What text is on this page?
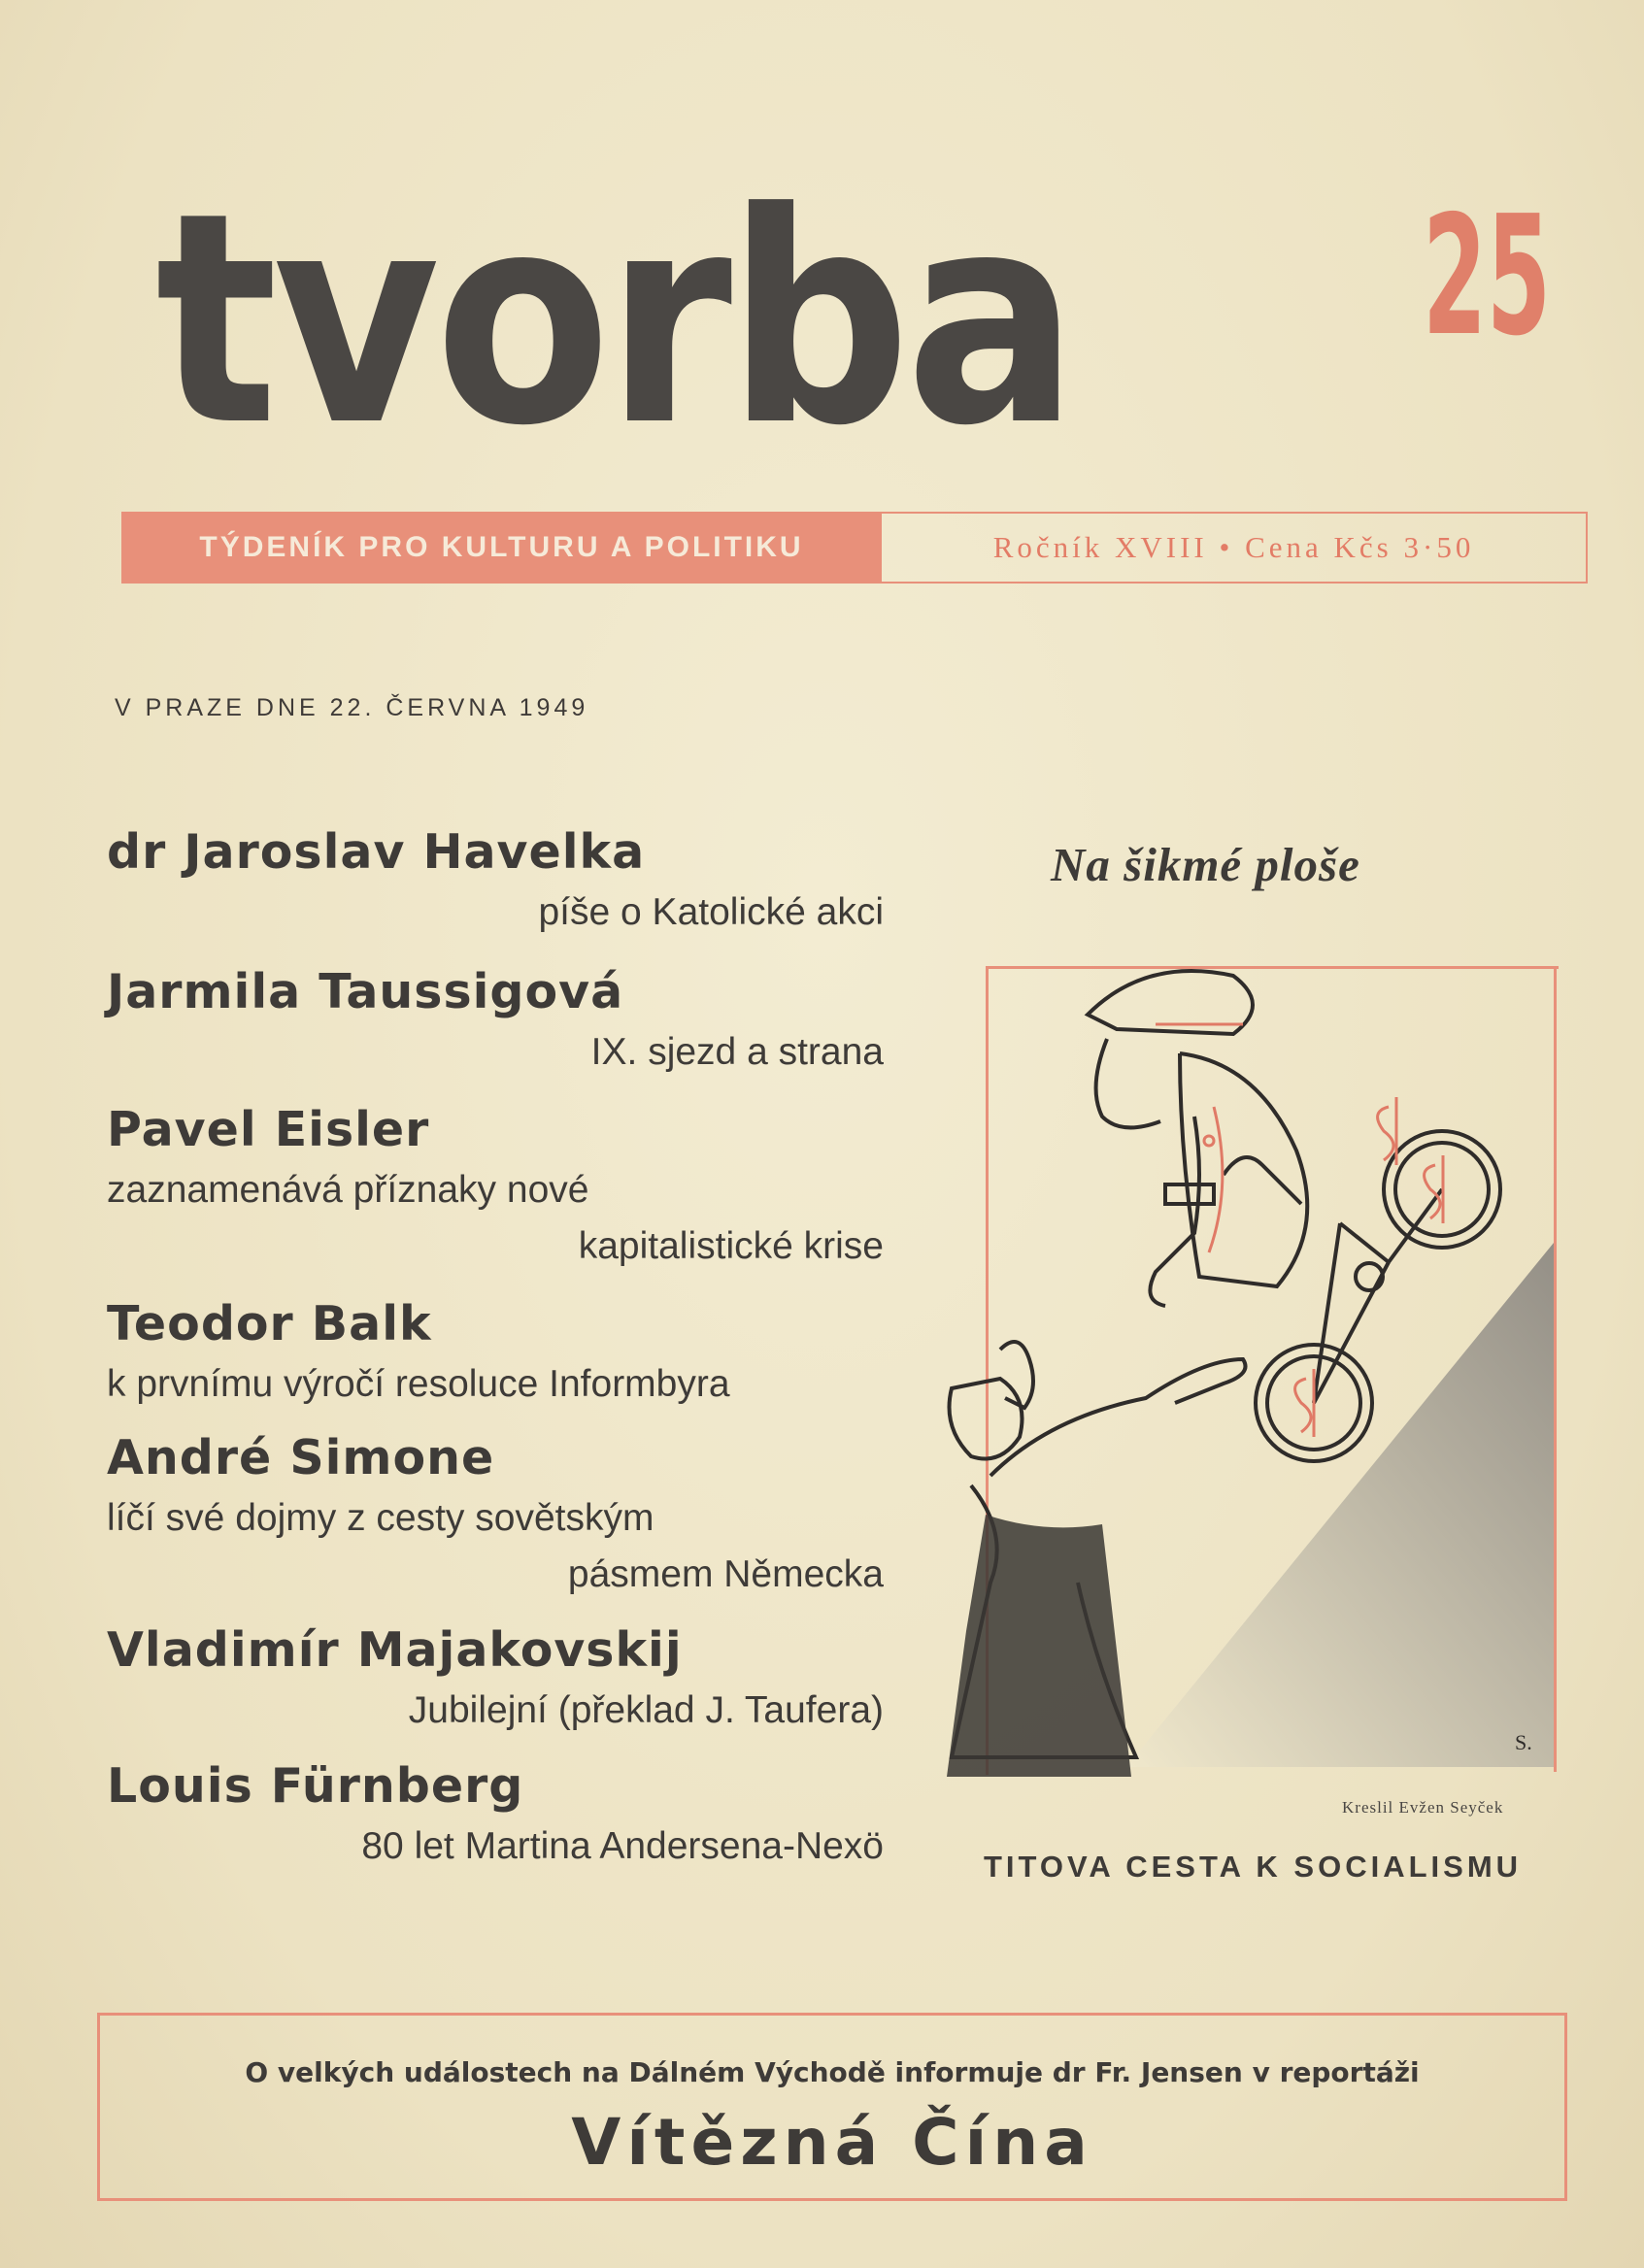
tvorba 25
TÝDENÍK PRO KULTURU A POLITIKU	Ročník XVIII • Cena Kčs 3·50
V PRAZE DNE 22. ČERVNA 1949
dr Jaroslav Havelka
píše o Katolické akci
Jarmila Taussigová
IX. sjezd a strana
Pavel Eisler
zaznamenává příznaky nové
kapitalistické krise
Teodor Balk
k prvnímu výročí resoluce Informbyra
André Simone
líčí své dojmy z cesty sovětským
pásmem Německa
Vladimír Majakovskij
Jubilejní (překlad J. Taufera)
Louis Fürnberg
80 let Martina Andersena-Nexö
Na šikmé ploše
S.
Kreslil Evžen Seyček
TITOVA CESTA K SOCIALISMU
O velkých událostech na Dálném Východě informuje dr Fr. Jensen v reportáži
Vítězná Čína
